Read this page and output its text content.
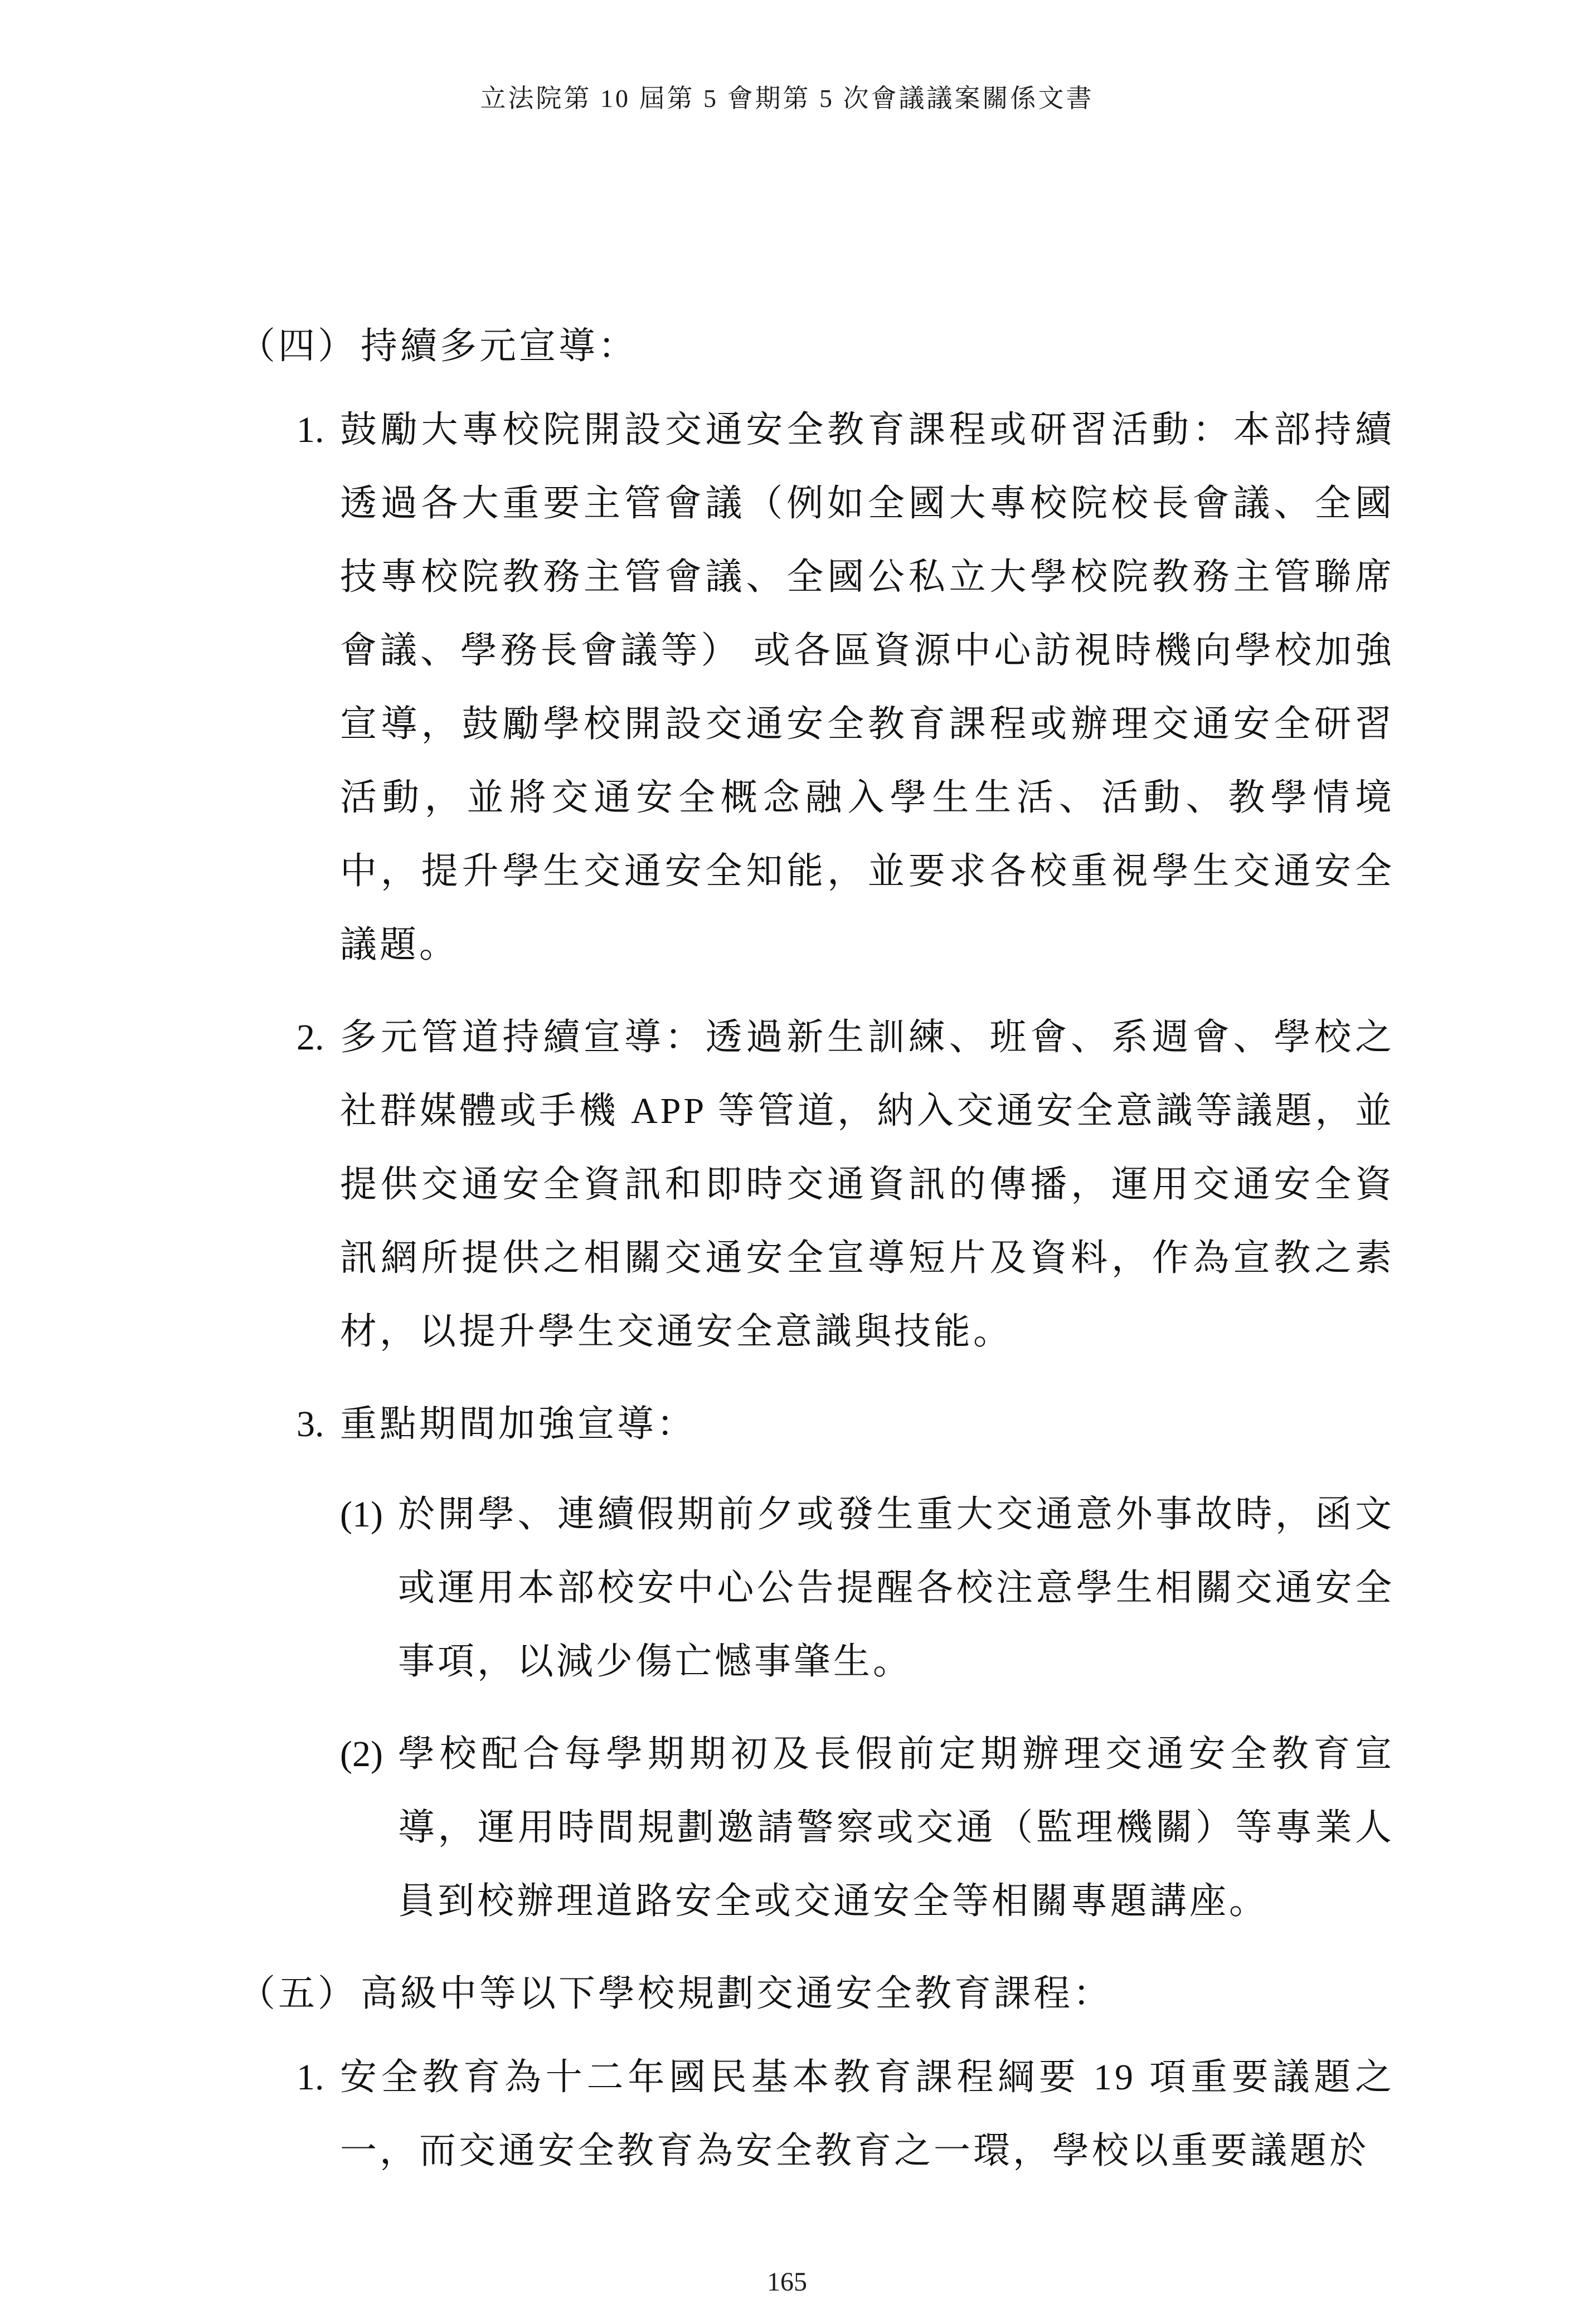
立法院第 10 屆第 5 會期第 5 次會議議案關係文書
（四）持續多元宣導：
1. 鼓勵大專校院開設交通安全教育課程或研習活動：本部持續透過各大重要主管會議（例如全國大專校院校長會議、全國技專校院教務主管會議、全國公私立大學校院教務主管聯席會議、學務長會議等） 或各區資源中心訪視時機向學校加強宣導，鼓勵學校開設交通安全教育課程或辦理交通安全研習活動，並將交通安全概念融入學生生活、活動、教學情境中，提升學生交通安全知能，並要求各校重視學生交通安全議題。
2. 多元管道持續宣導：透過新生訓練、班會、系週會、學校之社群媒體或手機 APP 等管道，納入交通安全意識等議題，並提供交通安全資訊和即時交通資訊的傳播，運用交通安全資訊網所提供之相關交通安全宣導短片及資料，作為宣教之素材，以提升學生交通安全意識與技能。
3. 重點期間加強宣導：
(1) 於開學、連續假期前夕或發生重大交通意外事故時，函文或運用本部校安中心公告提醒各校注意學生相關交通安全事項，以減少傷亡憾事肇生。
(2) 學校配合每學期期初及長假前定期辦理交通安全教育宣導，運用時間規劃邀請警察或交通（監理機關）等專業人員到校辦理道路安全或交通安全等相關專題講座。
（五）高級中等以下學校規劃交通安全教育課程：
1. 安全教育為十二年國民基本教育課程綱要 19 項重要議題之一，而交通安全教育為安全教育之一環，學校以重要議題於
165
